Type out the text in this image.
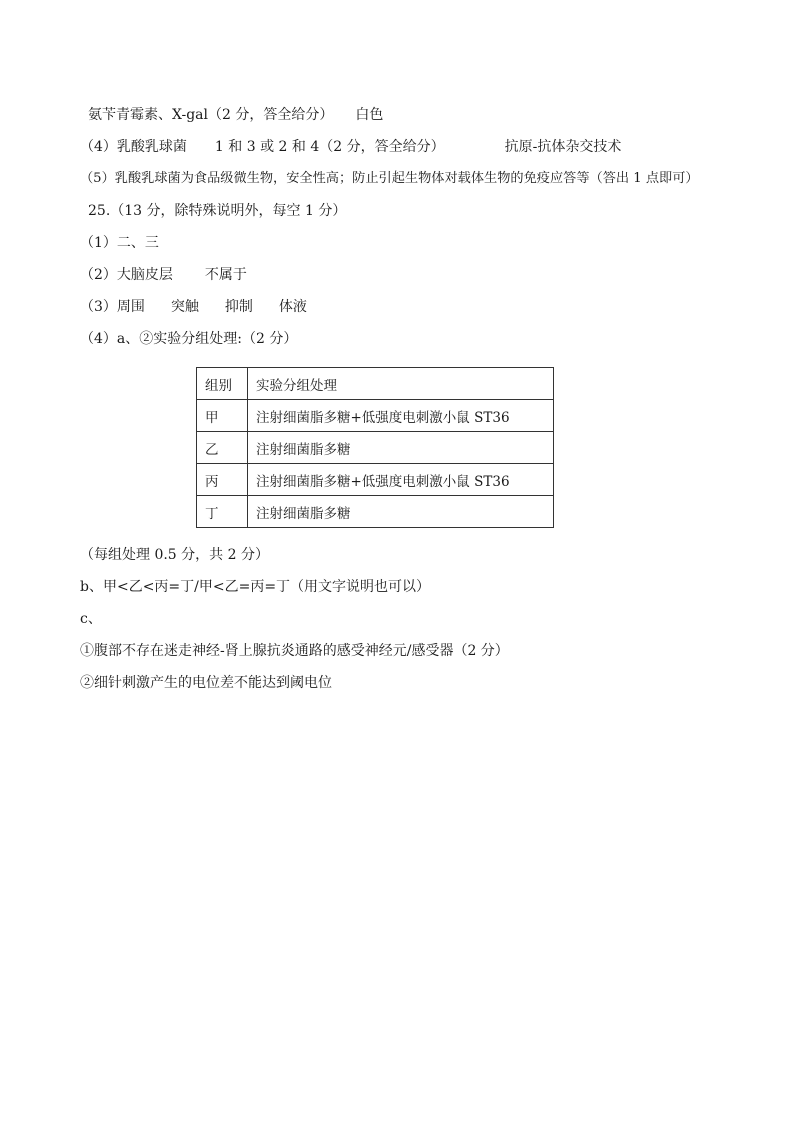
氨苄青霉素、X-gal（2 分，答全给分） 白色
（4）乳酸乳球菌 1 和 3 或 2 和 4（2 分，答全给分）	抗原-抗体杂交技术
（5）乳酸乳球菌为食品级微生物，安全性高；防止引起生物体对载体生物的免疫应答等（答出 1 点即可）
25.（13 分，除特殊说明外，每空 1 分）
（1）二、三
（2）大脑皮层 不属于
（3）周围 突触 抑制 体液
（4）a、②实验分组处理:（2 分）
组别	实验分组处理
甲	注射细菌脂多糖+低强度电刺激小鼠 ST36
乙	注射细菌脂多糖
丙	注射细菌脂多糖+低强度电刺激小鼠 ST36
丁	注射细菌脂多糖
（每组处理 0.5 分，共 2 分）
b、甲<乙<丙=丁/甲<乙=丙=丁（用文字说明也可以）
c、
①腹部不存在迷走神经-肾上腺抗炎通路的感受神经元/感受器（2 分）
②细针刺激产生的电位差不能达到阈电位
